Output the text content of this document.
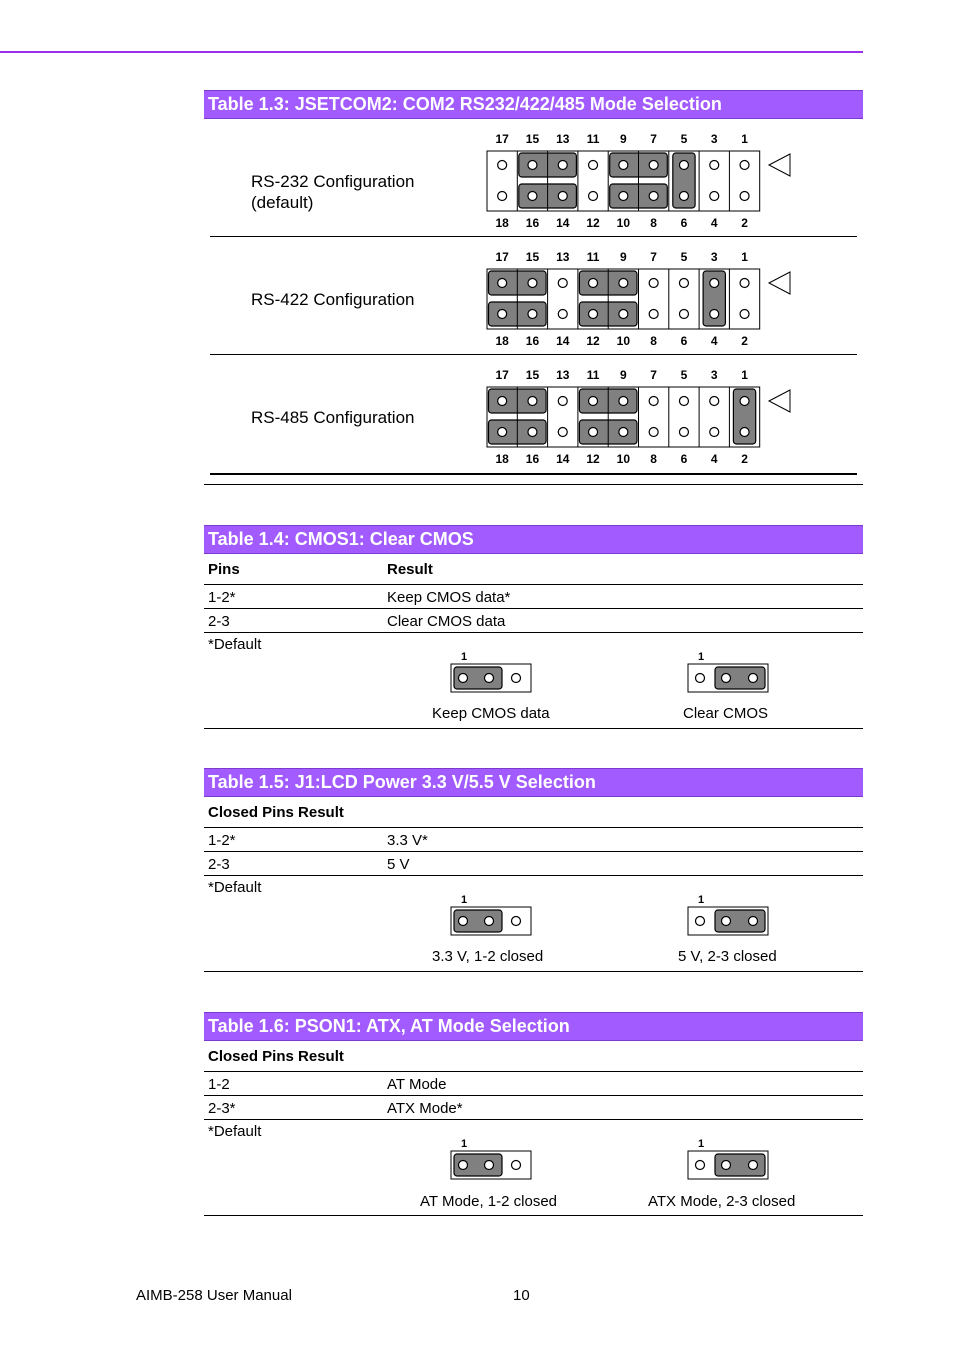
Table 1.3: JSETCOM2: COM2 RS232/422/485 Mode Selection
RS-232 Configuration
(default)
17 15 13 11 9 7 5 3 1
18 16 14 12 10 8 6 4 2
RS-422 Configuration
17 15 13 11 9 7 5 3 1
18 16 14 12 10 8 6 4 2
RS-485 Configuration
17 15 13 11 9 7 5 3 1
18 16 14 12 10 8 6 4 2
Table 1.4: CMOS1: Clear CMOS
Pins	Result
1-2*	Keep CMOS data*
2-3	Clear CMOS data
*Default
1	1
Keep CMOS data	Clear CMOS
Table 1.5: J1:LCD Power 3.3 V/5.5 V Selection
Closed Pins Result
1-2*	3.3 V*
2-3	5 V
*Default
1	1
3.3 V, 1-2 closed	5 V, 2-3 closed
Table 1.6: PSON1: ATX, AT Mode Selection
Closed Pins Result
1-2	AT Mode
2-3*	ATX Mode*
*Default
1	1
AT Mode, 1-2 closed	ATX Mode, 2-3 closed
AIMB-258 User Manual	10
